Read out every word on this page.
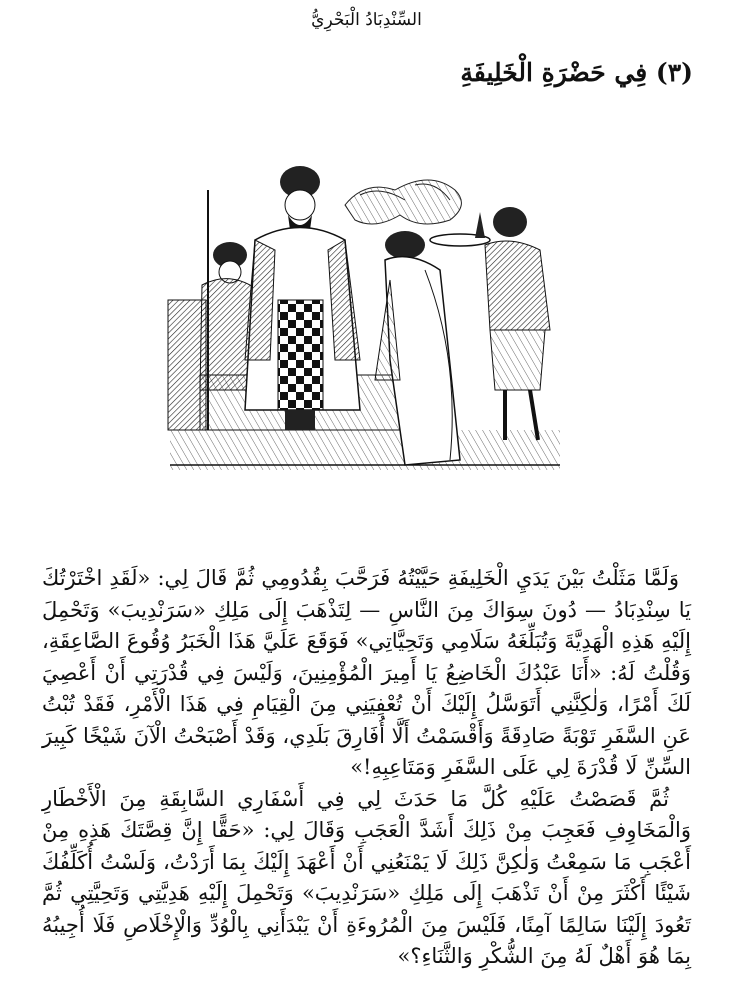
السِّنْدِبَادُ الْبَحْرِيُّ
(٣) فِي حَضْرَةِ الْخَلِيفَةِ

وَلَمَّا مَثَلْتُ بَيْنَ يَدَيِ الْخَلِيفَةِ حَيَّيْتُهُ فَرَحَّبَ بِقُدُومِي ثُمَّ قَالَ لِي: «لَقَدِ اخْتَرْتُكَ يَا سِنْدِبَادُ — دُونَ سِوَاكَ مِنَ النَّاسِ — لِتَذْهَبَ إِلَى مَلِكِ «سَرَنْدِيبَ» وَتَحْمِلَ إِلَيْهِ هَذِهِ الْهَدِيَّةَ وَتُبَلِّغَهُ سَلَامِي وَتَحِيَّاتِي» فَوَقَعَ عَلَيَّ هَذَا الْخَبَرُ وُقُوعَ الصَّاعِقَةِ، وَقُلْتُ لَهُ: «أَنَا عَبْدُكَ الْخَاضِعُ يَا أَمِيرَ الْمُؤْمِنِينَ، وَلَيْسَ فِي قُدْرَتِي أَنْ أَعْصِيَ لَكَ أَمْرًا، وَلٰكِنَّنِي أَتَوَسَّلُ إِلَيْكَ أَنْ تُعْفِيَنِي مِنَ الْقِيَامِ فِي هَذَا الْأَمْرِ، فَقَدْ تُبْتُ عَنِ السَّفَرِ تَوْبَةً صَادِقَةً وَأَقْسَمْتُ أَلَّا أُفَارِقَ بَلَدِي، وَقَدْ أَصْبَحْتُ الْآنَ شَيْخًا كَبِيرَ السِّنِّ لَا قُدْرَةَ لِي عَلَى السَّفَرِ وَمَتَاعِبِهِ!»

ثُمَّ قَصَصْتُ عَلَيْهِ كُلَّ مَا حَدَثَ لِي فِي أَسْفَارِي السَّابِقَةِ مِنَ الْأَخْطَارِ وَالْمَخَاوِفِ فَعَجِبَ مِنْ ذَلِكَ أَشَدَّ الْعَجَبِ وَقَالَ لِي: «حَقًّا إِنَّ قِصَّتَكَ هَذِهِ مِنْ أَعْجَبِ مَا سَمِعْتُ وَلٰكِنَّ ذَلِكَ لَا يَمْنَعُنِي أَنْ أَعْهَدَ إِلَيْكَ بِمَا أَرَدْتُ، وَلَسْتُ أُكَلِّفُكَ شَيْئًا أَكْثَرَ مِنْ أَنْ تَذْهَبَ إِلَى مَلِكِ «سَرَنْدِيبَ» وَتَحْمِلَ إِلَيْهِ هَدِيَّتِي وَتَحِيَّتِي ثُمَّ تَعُودَ إِلَيْنَا سَالِمًا آمِنًا، فَلَيْسَ مِنَ الْمُرُوءَةِ أَنْ يَبْدَأَنِي بِالْوُدِّ وَالْإِخْلَاصِ فَلَا أُجِيبُهُ بِمَا هُوَ أَهْلٌ لَهُ مِنَ الشُّكْرِ وَالثَّنَاءِ؟»
